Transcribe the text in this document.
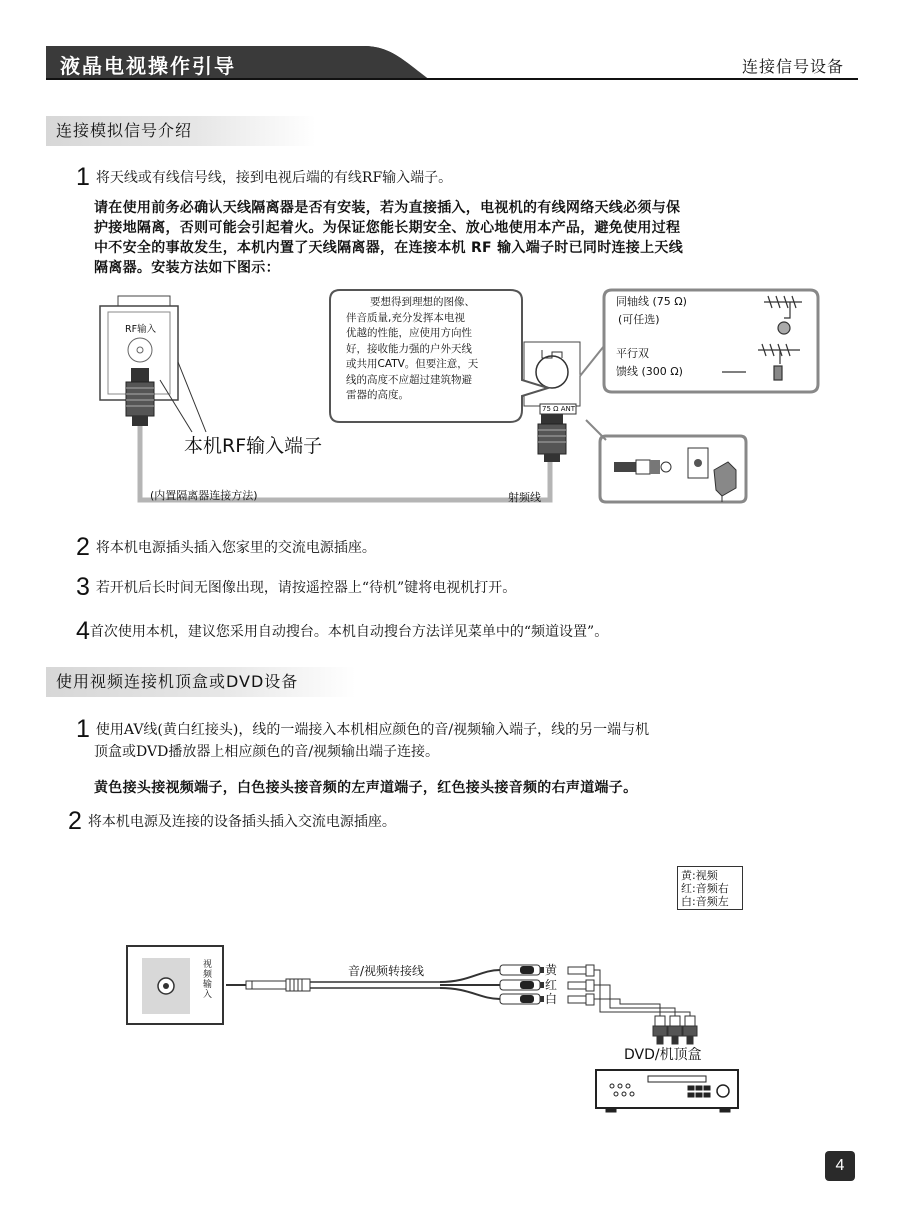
液晶电视操作引导	连接信号设备
连接模拟信号介绍
1 将天线或有线信号线，接到电视后端的有线RF输入端子。
请在使用前务必确认天线隔离器是否有安装，若为直接插入，电视机的有线网络天线必须与保
护接地隔离，否则可能会引起着火。为保证您能长期安全、放心地使用本产品，避免使用过程
中不安全的事故发生，本机内置了天线隔离器，在连接本机 RF 输入端子时已同时连接上天线
隔离器。安装方法如下图示：
RF输入
本机RF输入端子
(内置隔离器连接方法)	射频线
75 Ω ANT
要想得到理想的图像、
伴音质量,充分发挥本电视
优越的性能，应使用方向性
好，接收能力强的户外天线
或共用CATV。但要注意，天
线的高度不应超过建筑物避
雷器的高度。
同轴线 (75 Ω)
(可任选)
平行双
馈线 (300 Ω)
2 将本机电源插头插入您家里的交流电源插座。
3 若开机后长时间无图像出现，请按遥控器上“待机”键将电视机打开。
4首次使用本机，建议您采用自动搜台。本机自动搜台方法详见菜单中的“频道设置”。
使用视频连接机顶盒或DVD设备
1 使用AV线(黄白红接头)，线的一端接入本机相应颜色的音/视频输入端子，线的另一端与机
顶盒或DVD播放器上相应颜色的音/视频输出端子连接。
黄色接头接视频端子，白色接头接音频的左声道端子，红色接头接音频的右声道端子。
2 将本机电源及连接的设备插头插入交流电源插座。
黄:视频
红:音频右
白:音频左
视频输入
音/视频转接线	黄
红
白
DVD/机顶盒
4
